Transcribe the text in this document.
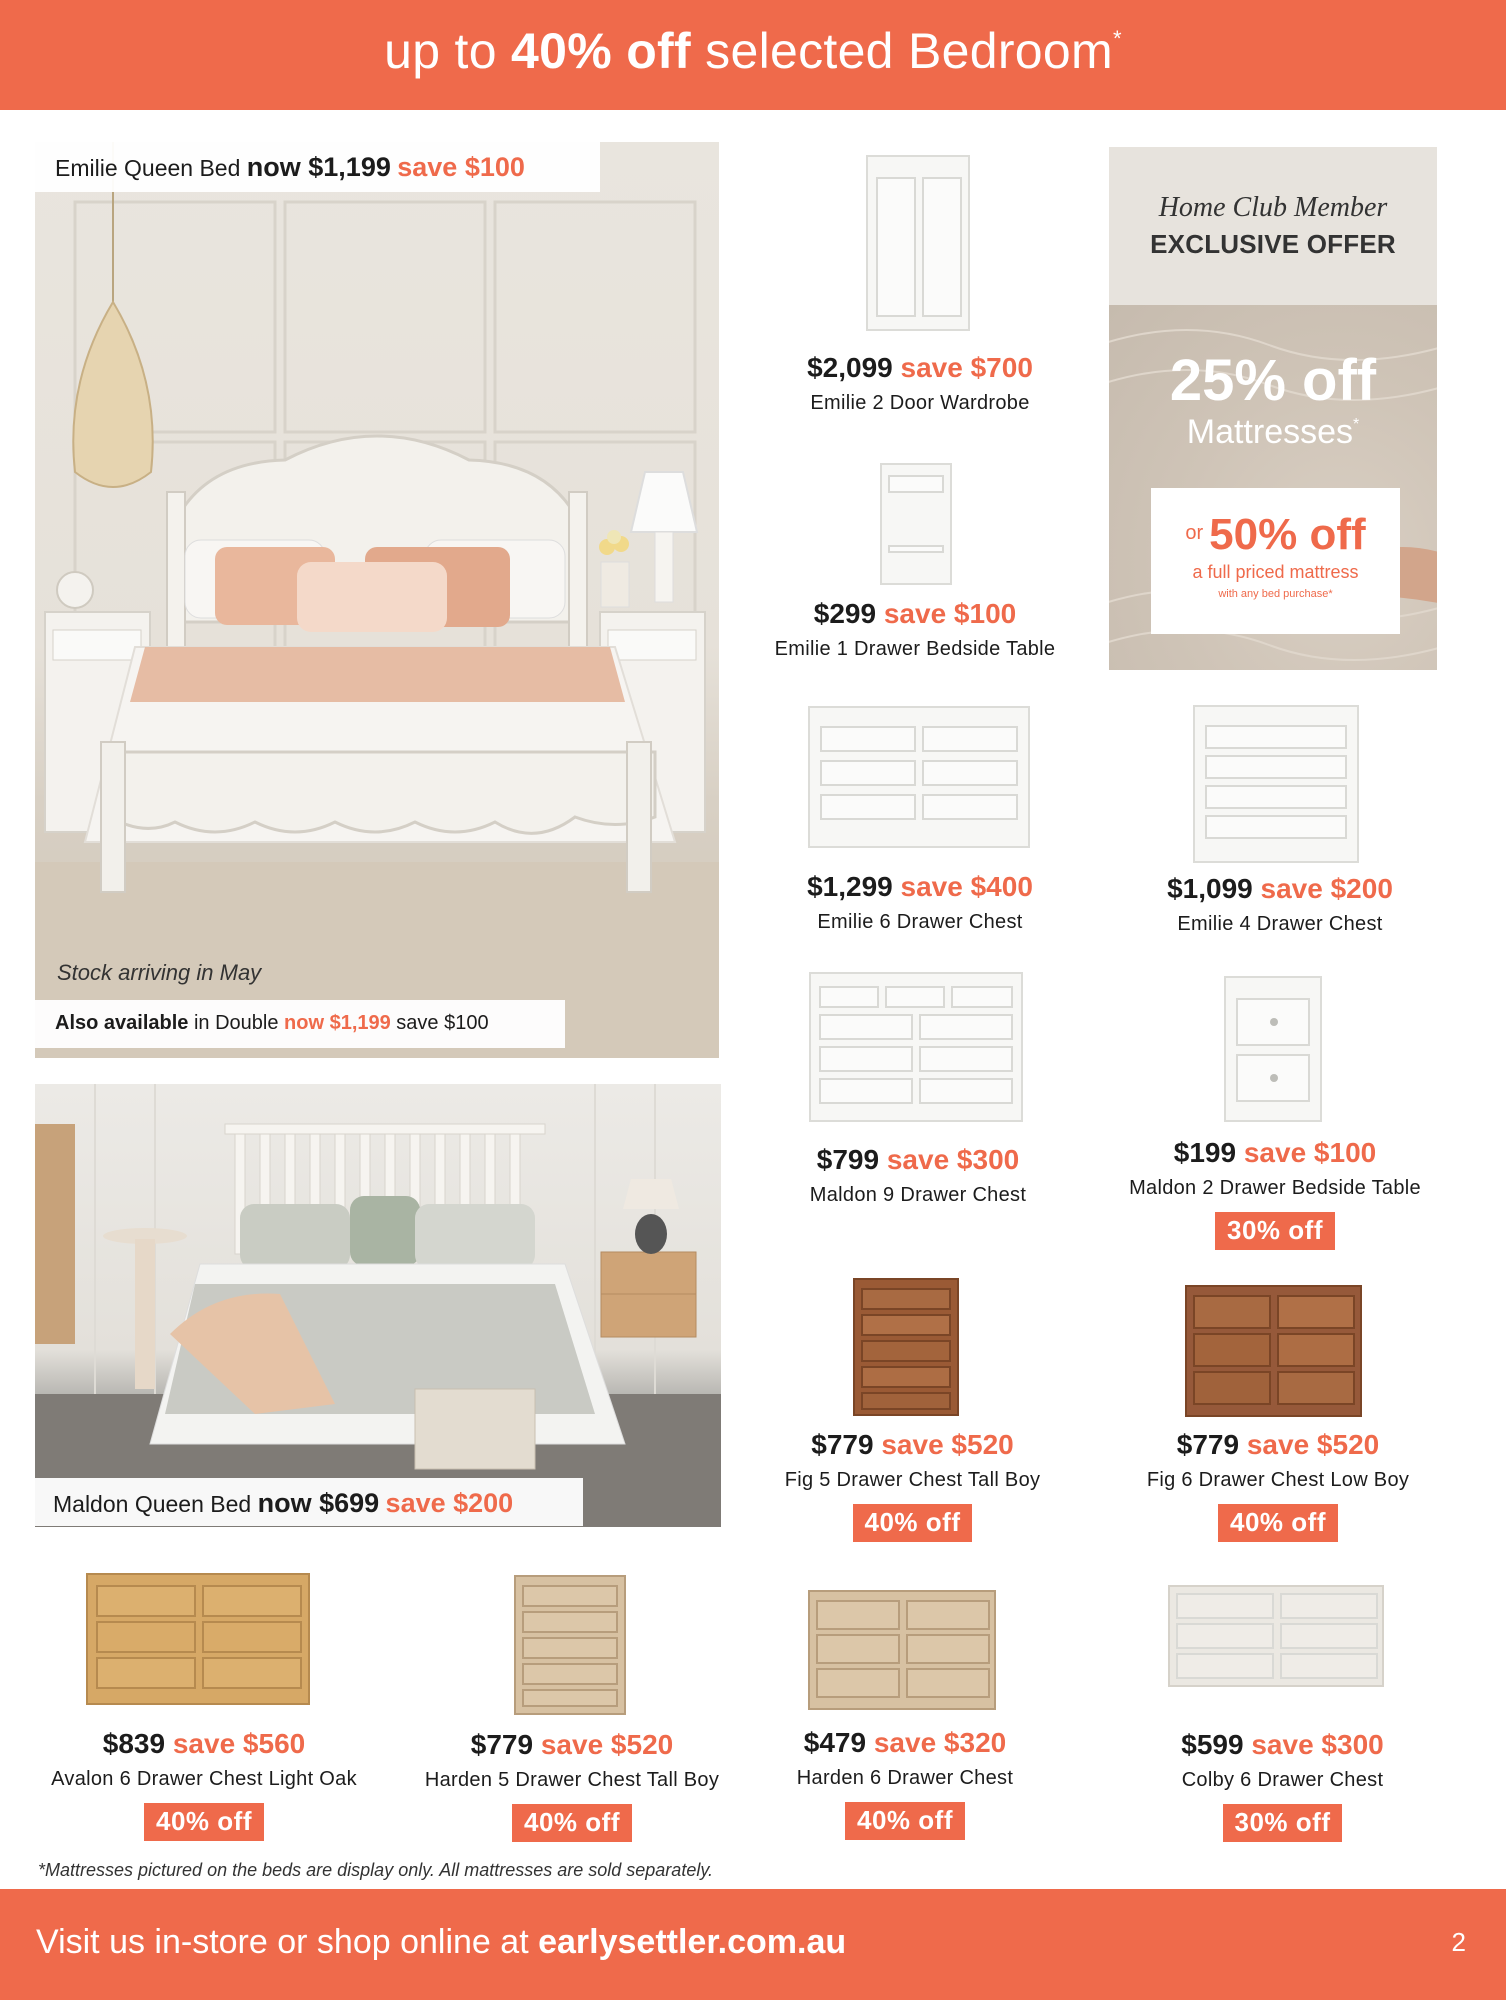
up to 40% off selected Bedroom*
Emilie Queen Bed now $1,199 save $100
Stock arriving in May
Also available in Double now $1,199 save $100
Maldon Queen Bed now $699 save $200
Home Club Member
EXCLUSIVE OFFER
25% off
Mattresses*
$^{or}$ 50% off
a full priced mattress
with any bed purchase*
$2,099 save $700
Emilie 2 Door Wardrobe
$299 save $100
Emilie 1 Drawer Bedside Table
$1,299 save $400
Emilie 6 Drawer Chest
$1,099 save $200
Emilie 4 Drawer Chest
$799 save $300
Maldon 9 Drawer Chest
$199 save $100
Maldon 2 Drawer Bedside Table
30% off
$779 save $520
Fig 5 Drawer Chest Tall Boy
40% off
$779 save $520
Fig 6 Drawer Chest Low Boy
40% off
$839 save $560
Avalon 6 Drawer Chest Light Oak
40% off
$779 save $520
Harden 5 Drawer Chest Tall Boy
40% off
$479 save $320
Harden 6 Drawer Chest
40% off
$599 save $300
Colby 6 Drawer Chest
30% off
*Mattresses pictured on the beds are display only. All mattresses are sold separately.
Visit us in-store or shop online at earlysettler.com.au	2
